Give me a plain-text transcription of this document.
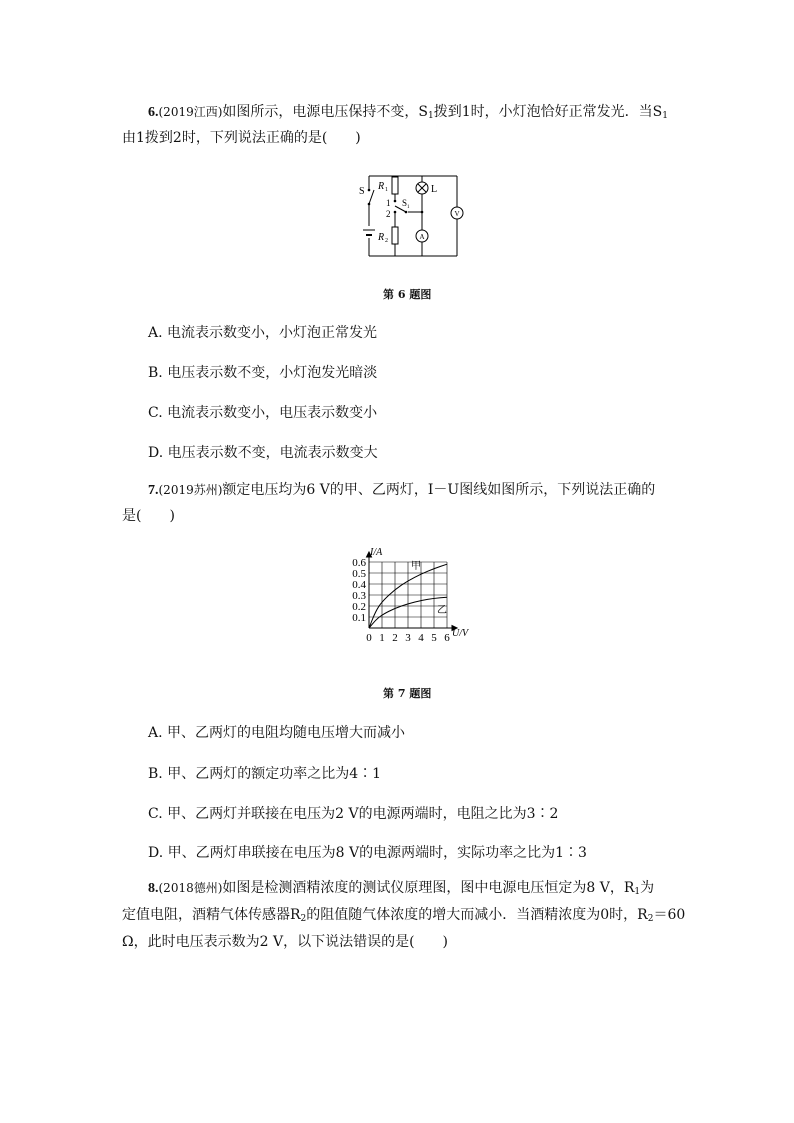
6.(2019江西)如图所示，电源电压保持不变，$S_1$拨到1时，小灯泡恰好正常发光．当$S_1$
由1拨到2时，下列说法正确的是(　　)
S R 1	L
1
2
S 1
R 2	A
V
第 6 题图
A. 电流表示数变小，小灯泡正常发光
B. 电压表示数不变，小灯泡发光暗淡
C. 电流表示数变小，电压表示数变小
D. 电压表示数不变，电流表示数变大
7.(2019苏州)额定电压均为6 V的甲、乙两灯，I－U图线如图所示，下列说法正确的
是(　　)
0 1 2 3 4 5 6
0.1
0.2
0.3
0.4
0.5
0.6
I/A
U/V
甲
乙
第 7 题图
A. 甲、乙两灯的电阻均随电压增大而减小
B. 甲、乙两灯的额定功率之比为4∶1
C. 甲、乙两灯并联接在电压为2 V的电源两端时，电阻之比为3∶2
D. 甲、乙两灯串联接在电压为8 V的电源两端时，实际功率之比为1∶3
8.(2018德州)如图是检测酒精浓度的测试仪原理图，图中电源电压恒定为8 V，$R_1$为
定值电阻，酒精气体传感器$R_2$的阻值随气体浓度的增大而减小．当酒精浓度为0时，$R_2=60$
Ω，此时电压表示数为2 V，以下说法错误的是(　　)
